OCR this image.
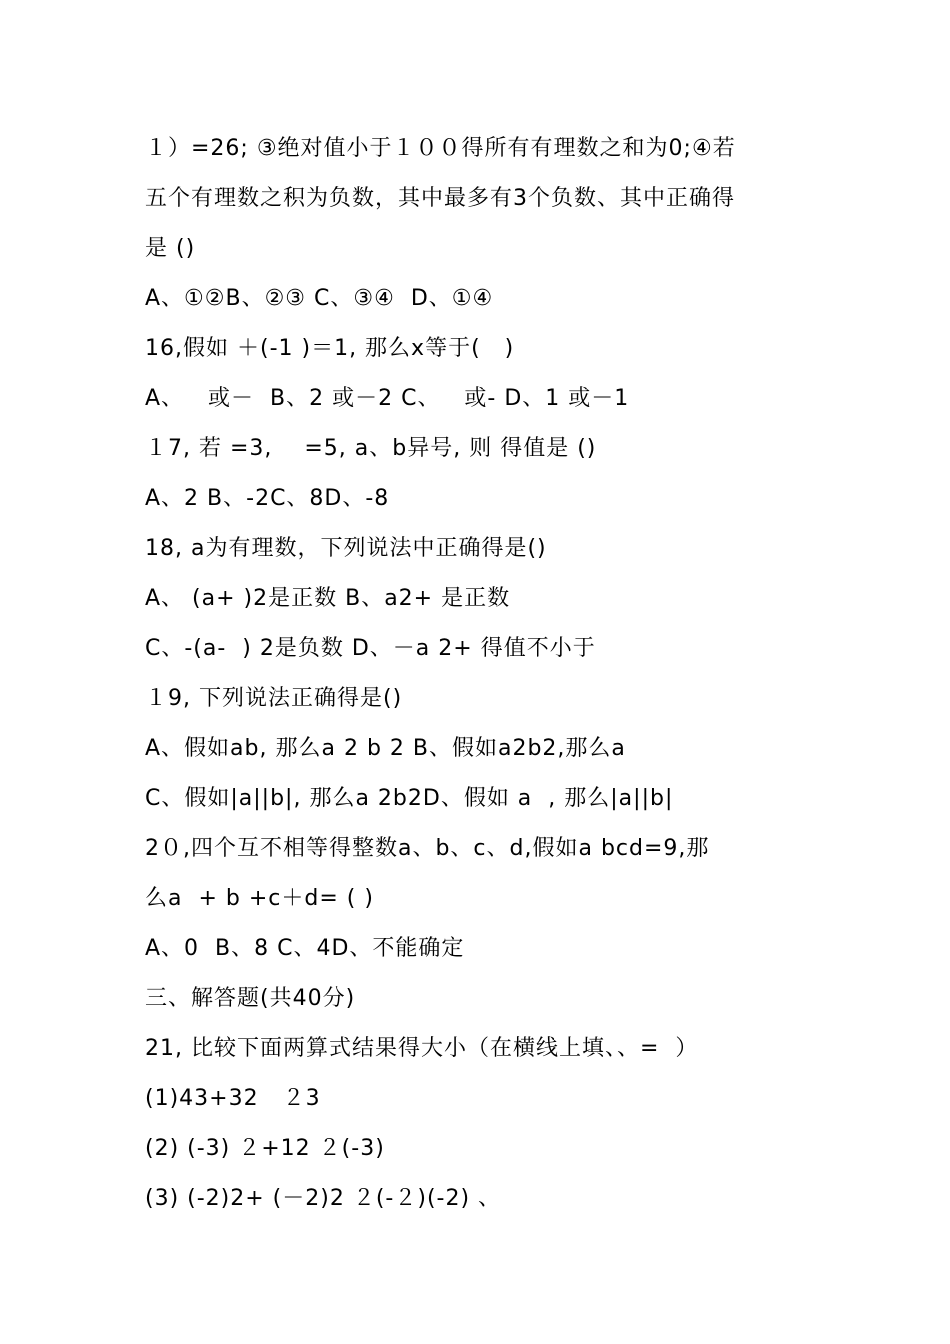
１）=26; ③绝对值小于１００得所有有理数之和为0;④若
五个有理数之积为负数，其中最多有3个负数、其中正确得
是 ()
A、①②B、②③ C、③④  D、①④
16,假如 ＋(-1 )＝1, 那么x等于(   )
A、   或－  B、2 或－2 C、   或- D、1 或－1
１7, 若 =3,    =5, a、b异号, 则 得值是 ()
A、2 B、-2C、8D、-8
18, a为有理数，下列说法中正确得是()
A、 (a+ )2是正数 B、a2+ 是正数
C、-(a-  ) 2是负数 D、－a 2+ 得值不小于
１9, 下列说法正确得是()
A、假如ab, 那么a 2 b 2 B、假如a2b2,那么a
C、假如|a||b|, 那么a 2b2D、假如 a  , 那么|a||b|
2０,四个互不相等得整数a、b、c、d,假如a bcd=9,那
么a  + b +c＋d= ( )
A、0  B、8 C、4D、不能确定
三、解答题(共40分)
21, 比较下面两算式结果得大小（在横线上填、、=  ）
(1)43+32   ２3
(2) (-3) ２+12 ２(-3)
(3) (-2)2+ (－2)2 ２(-２)(-2) 、
